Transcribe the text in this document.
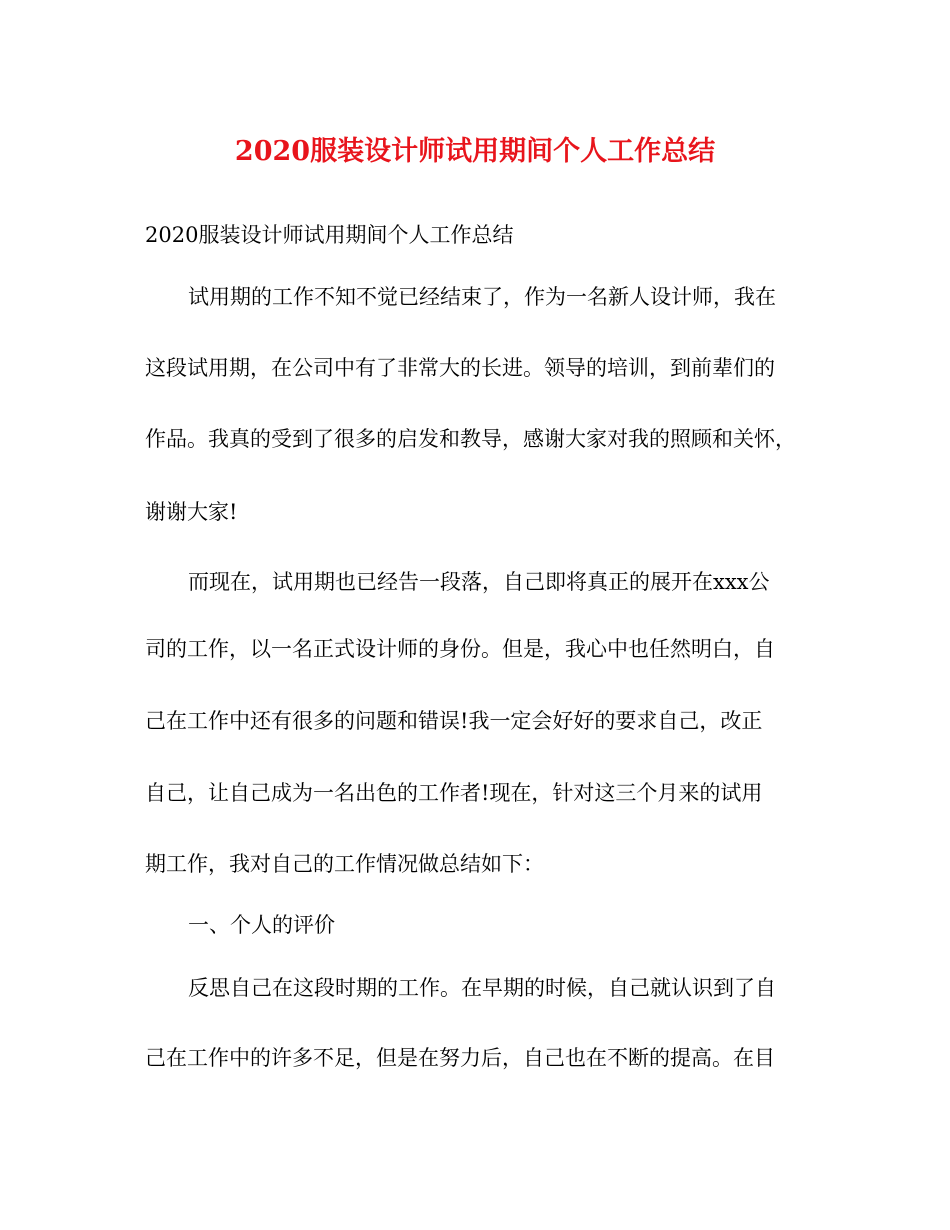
2020服装设计师试用期间个人工作总结
2020服装设计师试用期间个人工作总结
试用期的工作不知不觉已经结束了，作为一名新人设计师，我在
这段试用期，在公司中有了非常大的长进。领导的培训，到前辈们的
作品。我真的受到了很多的启发和教导，感谢大家对我的照顾和关怀，
谢谢大家!
而现在，试用期也已经告一段落，自己即将真正的展开在xxx公
司的工作，以一名正式设计师的身份。但是，我心中也任然明白，自
己在工作中还有很多的问题和错误!我一定会好好的要求自己，改正
自己，让自己成为一名出色的工作者!现在，针对这三个月来的试用
期工作，我对自己的工作情况做总结如下：
一、个人的评价
反思自己在这段时期的工作。在早期的时候，自己就认识到了自
己在工作中的许多不足，但是在努力后，自己也在不断的提高。在目
